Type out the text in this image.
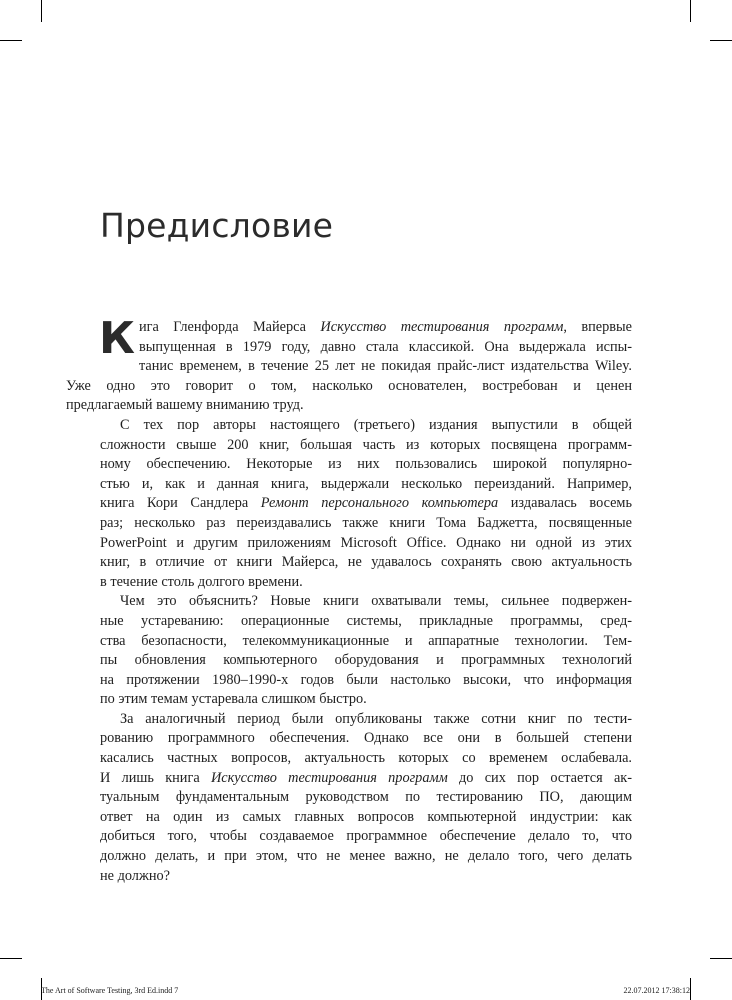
Предисловие

К ига Гленфорда Майерса Искусство тестирования программ, впервые
выпущенная в 1979 году, давно стала классикой. Она выдержала испы-
танис временем, в течение 25 лет не покидая прайс-лист издательства Wiley.
Уже одно это говорит о том, насколько основателен, востребован и ценен
предлагаемый вашему вниманию труд.

С тех пор авторы настоящего (третьего) издания выпустили в общей
сложности свыше 200 книг, большая часть из которых посвящена программ-
ному обеспечению. Некоторые из них пользовались широкой популярно-
стью и, как и данная книга, выдержали несколько переизданий. Например,
книга Кори Сандлера Ремонт персонального компьютера издавалась восемь
раз; несколько раз переиздавались также книги Тома Баджетта, посвященные
PowerPoint и другим приложениям Microsoft Office. Однако ни одной из этих
книг, в отличие от книги Майерса, не удавалось сохранять свою актуальность
в течение столь долгого времени.

Чем это объяснить? Новые книги охватывали темы, сильнее подвержен-
ные устареванию: операционные системы, прикладные программы, сред-
ства безопасности, телекоммуникационные и аппаратные технологии. Тем-
пы обновления компьютерного оборудования и программных технологий
на протяжении 1980–1990-х годов были настолько высоки, что информация
по этим темам устаревала слишком быстро.

За аналогичный период были опубликованы также сотни книг по тести-
рованию программного обеспечения. Однако все они в большей степени
касались частных вопросов, актуальность которых со временем ослабевала.
И лишь книга Искусство тестирования программ до сих пор остается ак-
туальным фундаментальным руководством по тестированию ПО, дающим
ответ на один из самых главных вопросов компьютерной индустрии: как
добиться того, чтобы создаваемое программное обеспечение делало то, что
должно делать, и при этом, что не менее важно, не делало того, чего делать
не должно?

The Art of Software Testing, 3rd Ed.indd 7	22.07.2012 17:38:12
